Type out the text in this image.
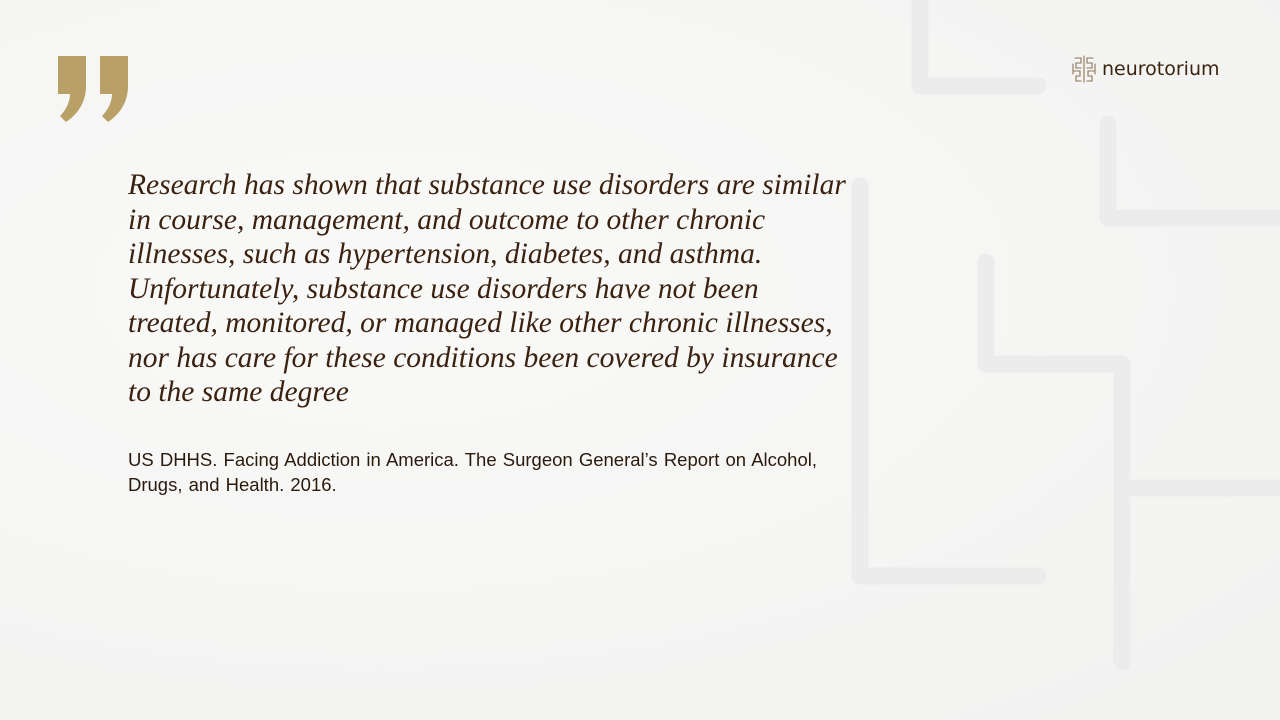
neurotorium

Research has shown that substance use disorders are similar in course, management, and outcome to other chronic illnesses, such as hypertension, diabetes, and asthma. Unfortunately, substance use disorders have not been treated, monitored, or managed like other chronic illnesses, nor has care for these conditions been covered by insurance to the same degree

US DHHS. Facing Addiction in America. The Surgeon General’s Report on Alcohol, Drugs, and Health. 2016.
